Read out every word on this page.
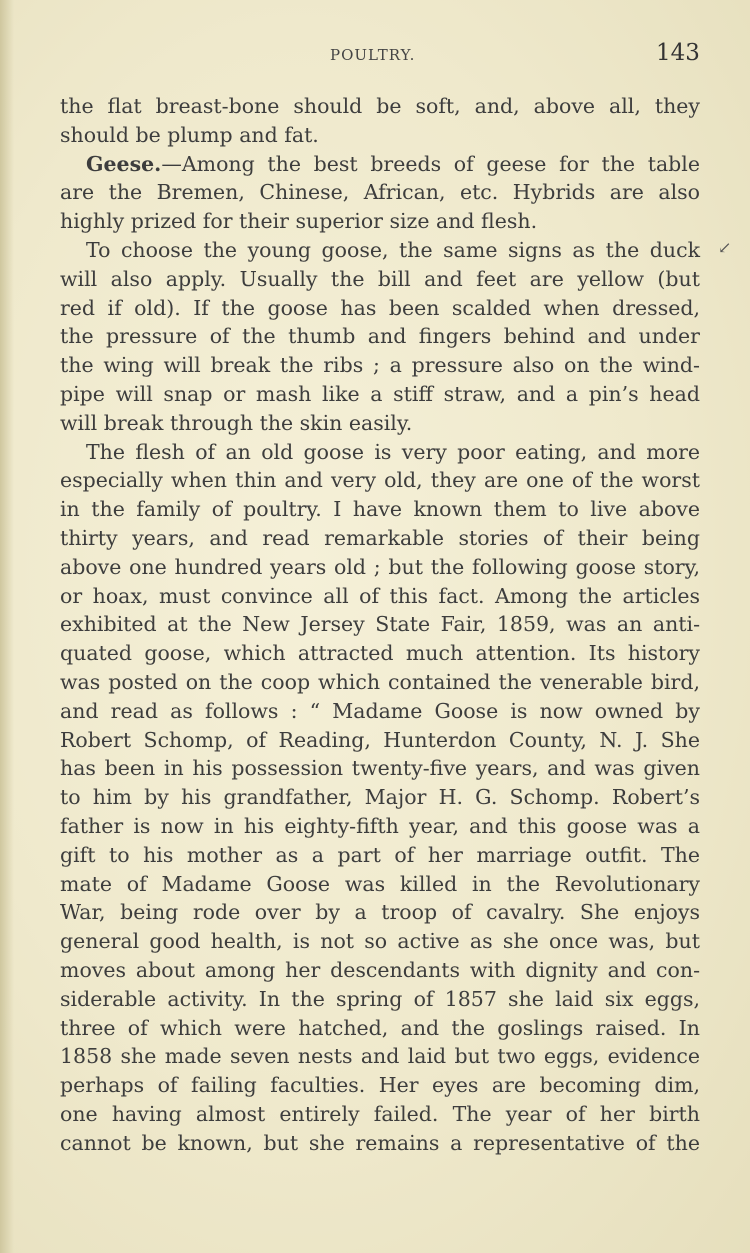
POULTRY.	143
↙
the flat breast-bone should be soft, and, above all, they
should be plump and fat.
Geese.—Among the best breeds of geese for the table
are the Bremen, Chinese, African, etc. Hybrids are also
highly prized for their superior size and flesh.
To choose the young goose, the same signs as the duck
will also apply. Usually the bill and feet are yellow (but
red if old). If the goose has been scalded when dressed,
the pressure of the thumb and fingers behind and under
the wing will break the ribs ; a pressure also on the wind-
pipe will snap or mash like a stiff straw, and a pin’s head
will break through the skin easily.
The flesh of an old goose is very poor eating, and more
especially when thin and very old, they are one of the worst
in the family of poultry. I have known them to live above
thirty years, and read remarkable stories of their being
above one hundred years old ; but the following goose story,
or hoax, must convince all of this fact. Among the articles
exhibited at the New Jersey State Fair, 1859, was an anti-
quated goose, which attracted much attention. Its history
was posted on the coop which contained the venerable bird,
and read as follows : “ Madame Goose is now owned by
Robert Schomp, of Reading, Hunterdon County, N. J. She
has been in his possession twenty-five years, and was given
to him by his grandfather, Major H. G. Schomp. Robert’s
father is now in his eighty-fifth year, and this goose was a
gift to his mother as a part of her marriage outfit. The
mate of Madame Goose was killed in the Revolutionary
War, being rode over by a troop of cavalry. She enjoys
general good health, is not so active as she once was, but
moves about among her descendants with dignity and con-
siderable activity. In the spring of 1857 she laid six eggs,
three of which were hatched, and the goslings raised. In
1858 she made seven nests and laid but two eggs, evidence
perhaps of failing faculties. Her eyes are becoming dim,
one having almost entirely failed. The year of her birth
cannot be known, but she remains a representative of the
